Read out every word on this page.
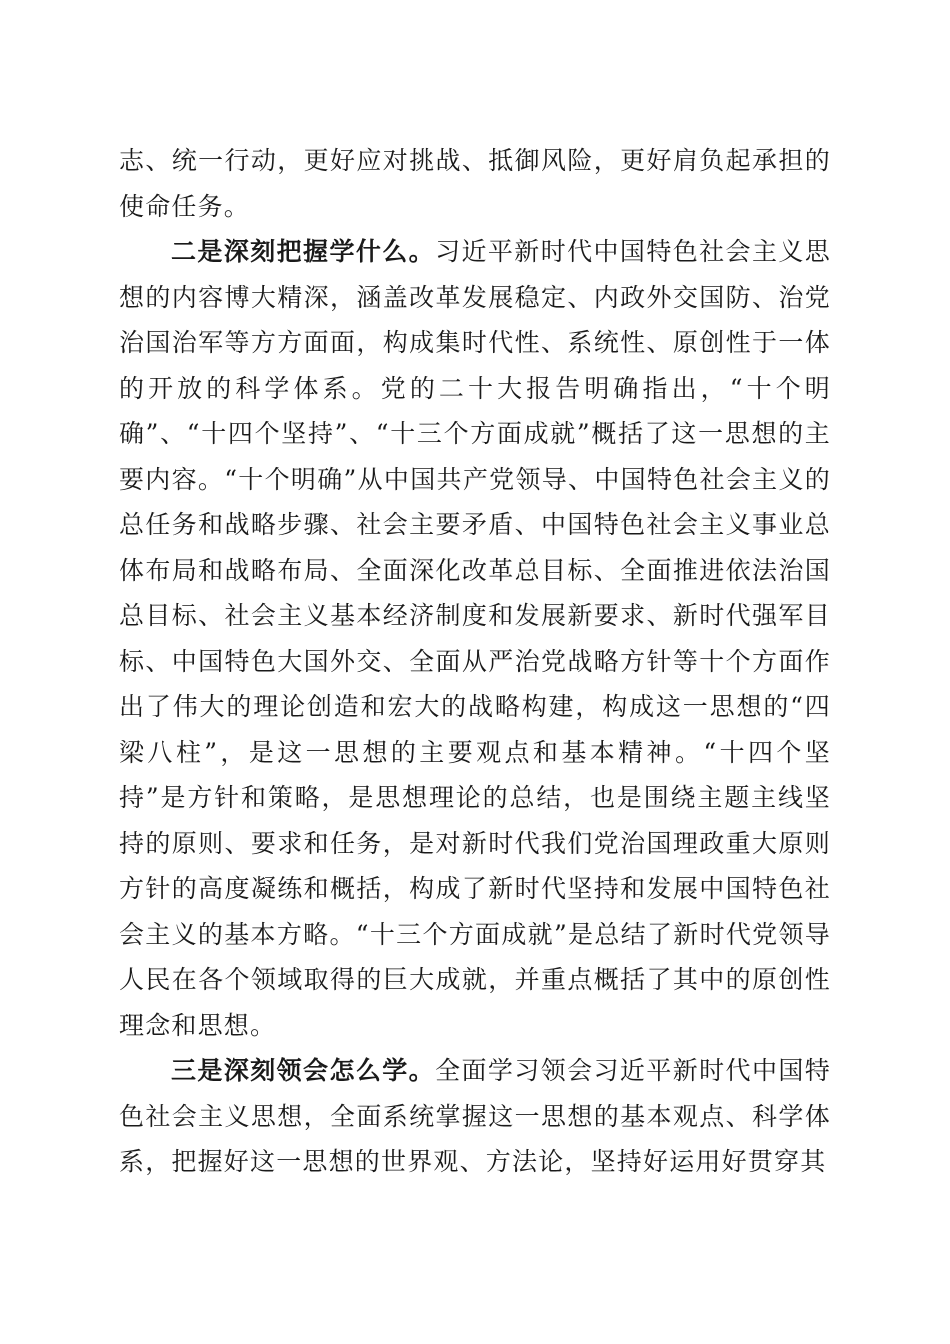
志、统一行动，更好应对挑战、抵御风险，更好肩负起承担的使命任务。

二是深刻把握学什么。习近平新时代中国特色社会主义思想的内容博大精深，涵盖改革发展稳定、内政外交国防、治党治国治军等方方面面，构成集时代性、系统性、原创性于一体的开放的科学体系。党的二十大报告明确指出，“十个明确”、“十四个坚持”、“十三个方面成就”概括了这一思想的主要内容。“十个明确”从中国共产党领导、中国特色社会主义的总任务和战略步骤、社会主要矛盾、中国特色社会主义事业总体布局和战略布局、全面深化改革总目标、全面推进依法治国总目标、社会主义基本经济制度和发展新要求、新时代强军目标、中国特色大国外交、全面从严治党战略方针等十个方面作出了伟大的理论创造和宏大的战略构建，构成这一思想的“四梁八柱”，是这一思想的主要观点和基本精神。“十四个坚持”是方针和策略，是思想理论的总结，也是围绕主题主线坚持的原则、要求和任务，是对新时代我们党治国理政重大原则方针的高度凝练和概括，构成了新时代坚持和发展中国特色社会主义的基本方略。“十三个方面成就”是总结了新时代党领导人民在各个领域取得的巨大成就，并重点概括了其中的原创性理念和思想。

三是深刻领会怎么学。全面学习领会习近平新时代中国特色社会主义思想，全面系统掌握这一思想的基本观点、科学体系，把握好这一思想的世界观、方法论，坚持好运用好贯穿其
